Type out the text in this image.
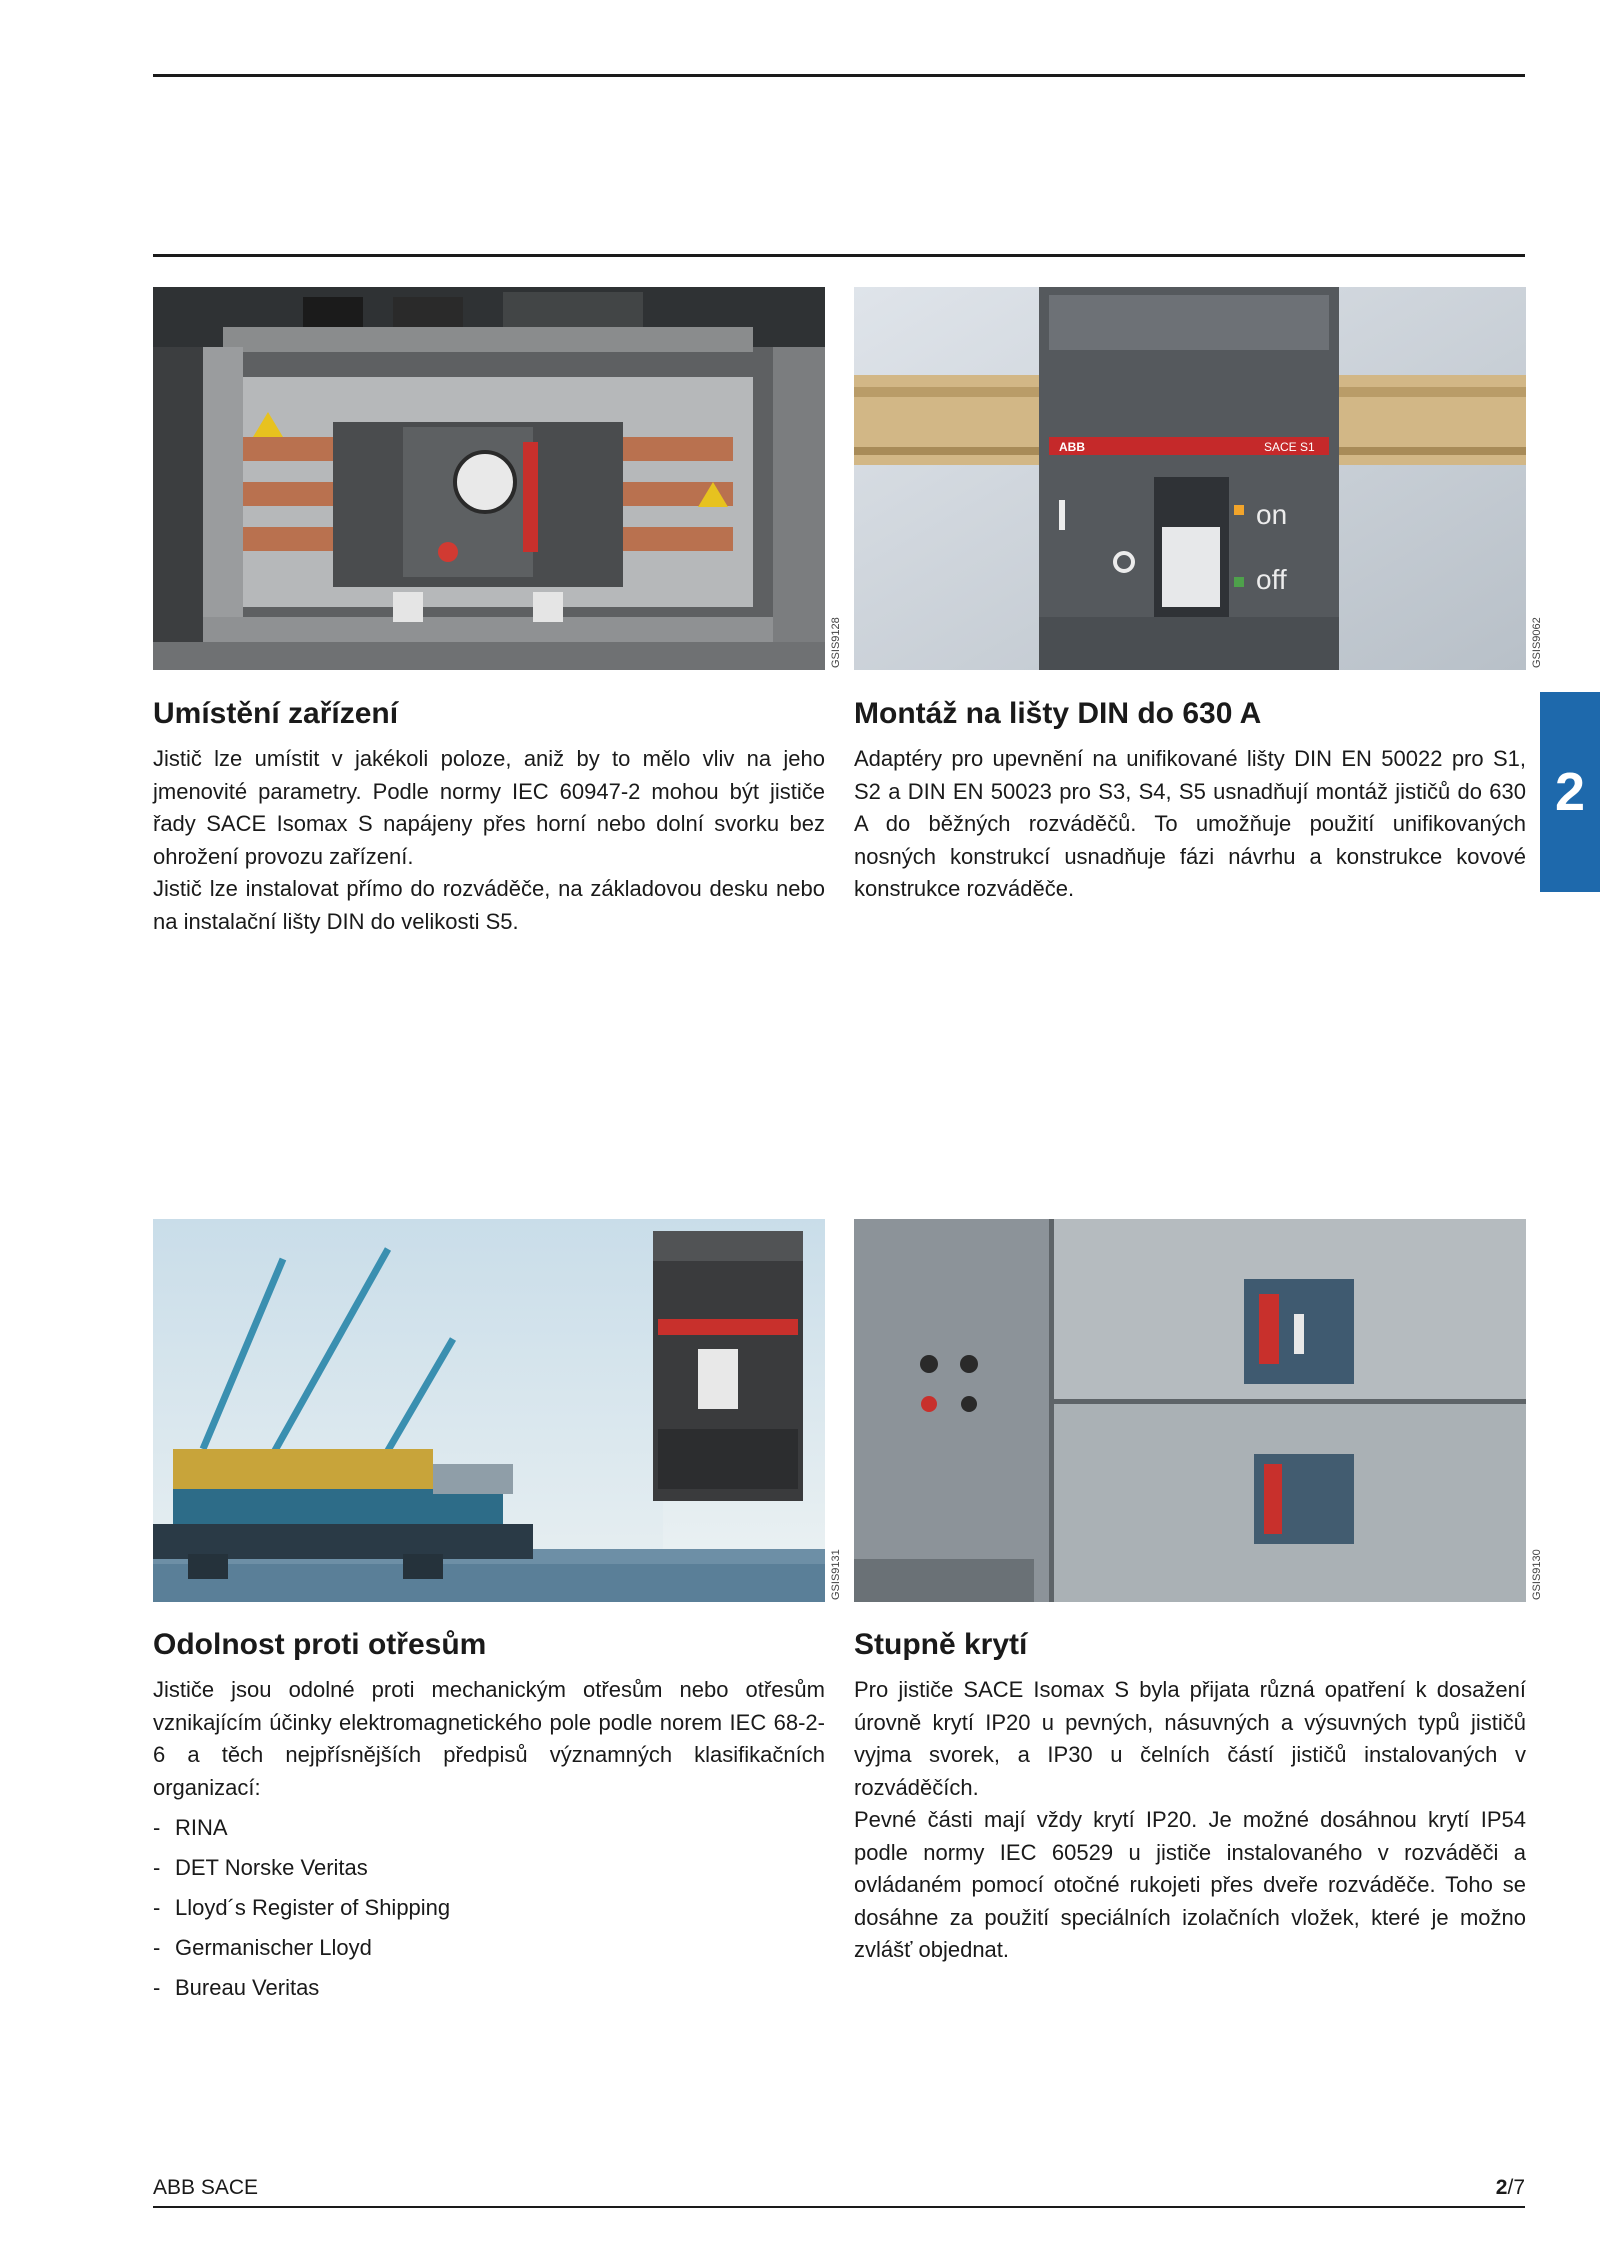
GSIS9128
ABB	SACE S1
on
off
GSIS9062
Umístění zařízení

Jistič lze umístit v jakékoli poloze, aniž by to mělo vliv na jeho jmenovité parametry. Podle normy IEC 60947-2 mohou být jističe řady SACE Isomax S napájeny přes horní nebo dolní svorku bez ohrožení provozu zařízení.

Jistič lze instalovat přímo do rozváděče, na základovou desku nebo na instalační lišty DIN do velikosti S5.

Montáž na lišty DIN do 630 A

Adaptéry pro upevnění na unifikované lišty DIN EN 50022 pro S1, S2 a DIN EN 50023 pro S3, S4, S5 usnadňují montáž jističů do 630 A do běžných rozváděčů. To umožňuje použití unifikovaných nosných konstrukcí usnadňuje fázi návrhu a konstrukce kovové konstrukce rozváděče.

2
GSIS9131	GSIS9130
Odolnost proti otřesům

Jističe jsou odolné proti mechanickým otřesům nebo otřesům vznikajícím účinky elektromagnetického pole podle norem IEC 68-2-6 a těch nejpřísnějších předpisů významných klasifikačních organizací:

- RINA
- DET Norske Veritas
- Lloyd´s Register of Shipping
- Germanischer Lloyd
- Bureau Veritas
Stupně krytí

Pro jističe SACE Isomax S byla přijata různá opatření k dosažení úrovně krytí IP20 u pevných, násuvných a výsuvných typů jističů vyjma svorek, a IP30 u čelních částí jističů instalovaných v rozváděčích.

Pevné části mají vždy krytí IP20. Je možné dosáhnou krytí IP54 podle normy IEC 60529 u jističe instalovaného v rozváděči a ovládaném pomocí otočné rukojeti přes dveře rozváděče. Toho se dosáhne za použití speciálních izolačních vložek, které je možno zvlášť objednat.

ABB SACE	2/7
